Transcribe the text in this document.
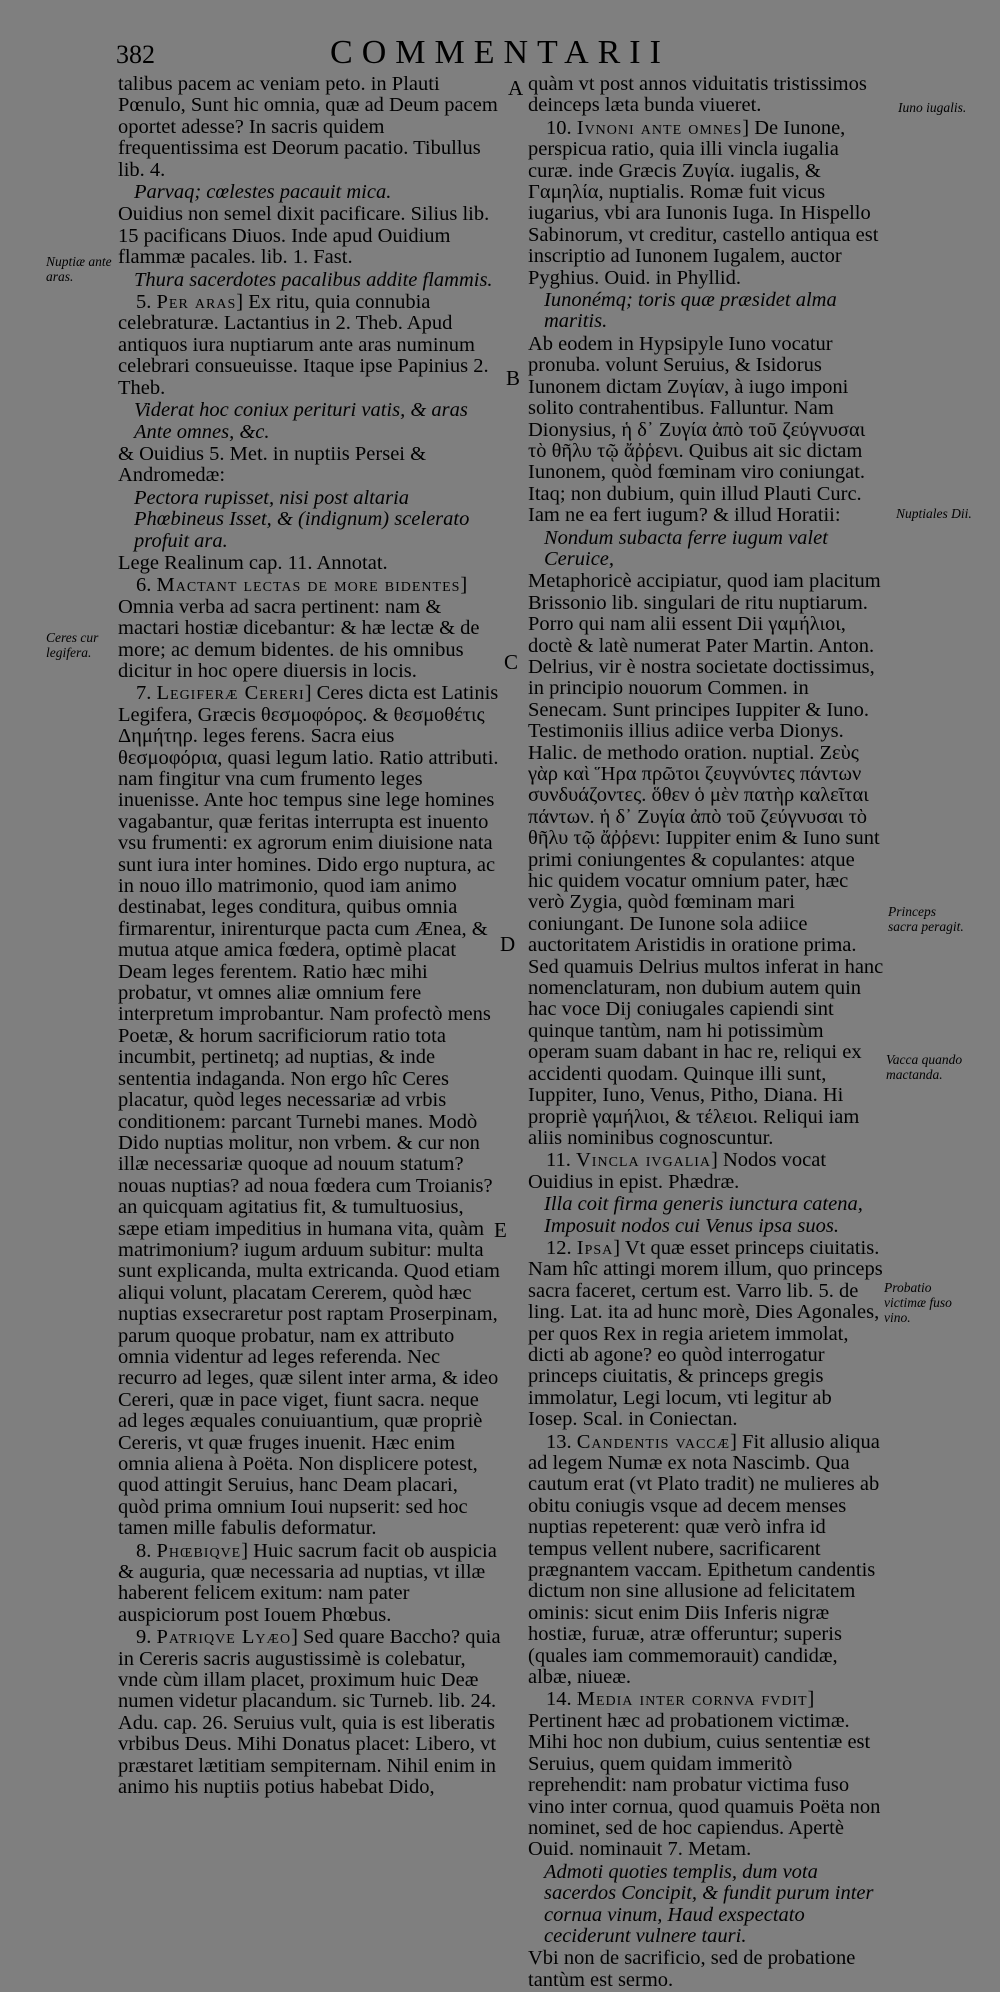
382	COMMENTARII

talibus pacem ac veniam peto. in Plauti Pœnulo, Sunt hic omnia, quæ ad Deum pacem oportet adesse? In sacris quidem frequentissima est Deorum pacatio. Tibullus lib. 4.

Parvaq; cœlestes pacauit mica.

Ouidius non semel dixit pacificare. Silius lib. 15 pacificans Diuos. Inde apud Ouidium flammæ pacales. lib. 1. Fast.

Thura sacerdotes pacalibus addite flammis.

5. Per aras] Ex ritu, quia connubia celebraturæ. Lactantius in 2. Theb. Apud antiquos iura nuptiarum ante aras numinum celebrari consueuisse. Itaque ipse Papinius 2. Theb.

Viderat hoc coniux perituri vatis, & aras Ante omnes, &c.

& Ouidius 5. Met. in nuptiis Persei & Andromedæ:

Pectora rupisset, nisi post altaria Phœbineus Isset, & (indignum) scelerato profuit ara.

Lege Realinum cap. 11. Annotat.

6. Mactant lectas de more bidentes] Omnia verba ad sacra pertinent: nam & mactari hostiæ dicebantur: & hæ lectæ & de more; ac demum bidentes. de his omnibus dicitur in hoc opere diuersis in locis.

7. Legiferæ Cereri] Ceres dicta est Latinis Legifera, Græcis θεσμοφόρος. & θεσμοθέτις Δημήτηρ. leges ferens. Sacra eius θεσμοφόρια, quasi legum latio. Ratio attributi. nam fingitur vna cum frumento leges inuenisse. Ante hoc tempus sine lege homines vagabantur, quæ feritas interrupta est inuento vsu frumenti: ex agrorum enim diuisione nata sunt iura inter homines. Dido ergo nuptura, ac in nouo illo matrimonio, quod iam animo destinabat, leges conditura, quibus omnia firmarentur, inirenturque pacta cum Ænea, & mutua atque amica fœdera, optimè placat Deam leges ferentem. Ratio hæc mihi probatur, vt omnes aliæ omnium fere interpretum improbantur. Nam profectò mens Poetæ, & horum sacrificiorum ratio tota incumbit, pertinetq; ad nuptias, & inde sententia indaganda. Non ergo hîc Ceres placatur, quòd leges necessariæ ad vrbis conditionem: parcant Turnebi manes. Modò Dido nuptias molitur, non vrbem. & cur non illæ necessariæ quoque ad nouum statum? nouas nuptias? ad noua fœdera cum Troianis? an quicquam agitatius fit, & tumultuosius, sæpe etiam impeditius in humana vita, quàm matrimonium? iugum arduum subitur: multa sunt explicanda, multa extricanda. Quod etiam aliqui volunt, placatam Cererem, quòd hæc nuptias exsecraretur post raptam Proserpinam, parum quoque probatur, nam ex attributo omnia videntur ad leges referenda. Nec recurro ad leges, quæ silent inter arma, & ideo Cereri, quæ in pace viget, fiunt sacra. neque ad leges æquales conuiuantium, quæ propriè Cereris, vt quæ fruges inuenit. Hæc enim omnia aliena à Poëta. Non displicere potest, quod attingit Seruius, hanc Deam placari, quòd prima omnium Ioui nupserit: sed hoc tamen mille fabulis deformatur.

8. Phœbiqve] Huic sacrum facit ob auspicia & auguria, quæ necessaria ad nuptias, vt illæ haberent felicem exitum: nam pater auspiciorum post Iouem Phœbus.

9. Patriqve Lyæo] Sed quare Baccho? quia in Cereris sacris augustissimè is colebatur, vnde cùm illam placet, proximum huic Deæ numen videtur placandum. sic Turneb. lib. 24. Adu. cap. 26. Seruius vult, quia is est liberatis vrbibus Deus. Mihi Donatus placet: Libero, vt præstaret lætitiam sempiternam. Nihil enim in animo his nuptiis potius habebat Dido,

quàm vt post annos viduitatis tristissimos deinceps læta bunda viueret.

10. Ivnoni ante omnes] De Iunone, perspicua ratio, quia illi vincla iugalia curæ. inde Græcis Ζυγία. iugalis, & Γαμηλία, nuptialis. Romæ fuit vicus iugarius, vbi ara Iunonis Iuga. In Hispello Sabinorum, vt creditur, castello antiqua est inscriptio ad Iunonem Iugalem, auctor Pyghius. Ouid. in Phyllid.

Iunonémq; toris quæ præsidet alma maritis.

Ab eodem in Hypsipyle Iuno vocatur pronuba. volunt Seruius, & Isidorus Iunonem dictam Ζυγίαν, à iugo imponi solito contrahentibus. Falluntur. Nam Dionysius, ἡ δ᾽ Ζυγία ἀπὸ τοῦ ζεύγνυσαι τὸ θῆλυ τῷ ἄῤῥενι. Quibus ait sic dictam Iunonem, quòd fœminam viro coniungat. Itaq; non dubium, quin illud Plauti Curc. Iam ne ea fert iugum? & illud Horatii:

Nondum subacta ferre iugum valet Ceruice,

Metaphoricè accipiatur, quod iam placitum Brissonio lib. singulari de ritu nuptiarum. Porro qui nam alii essent Dii γαμήλιοι, doctè & latè numerat Pater Martin. Anton. Delrius, vir è nostra societate doctissimus, in principio nouorum Commen. in Senecam. Sunt principes Iuppiter & Iuno. Testimoniis illius adiice verba Dionys. Halic. de methodo oration. nuptial. Ζεὺς γὰρ καὶ Ἥρα πρῶτοι ζευγνύντες πάντων συνδυάζοντες. ὅθεν ὁ μὲν πατὴρ καλεῖται πάντων. ἡ δ᾽ Ζυγία ἀπὸ τοῦ ζεύγνυσαι τὸ θῆλυ τῷ ἄῤῥενι: Iuppiter enim & Iuno sunt primi coniungentes & copulantes: atque hic quidem vocatur omnium pater, hæc verò Zygia, quòd fœminam mari coniungant. De Iunone sola adiice auctoritatem Aristidis in oratione prima. Sed quamuis Delrius multos inferat in hanc nomenclaturam, non dubium autem quin hac voce Dij coniugales capiendi sint quinque tantùm, nam hi potissimùm operam suam dabant in hac re, reliqui ex accidenti quodam. Quinque illi sunt, Iuppiter, Iuno, Venus, Pitho, Diana. Hi propriè γαμήλιοι, & τέλειοι. Reliqui iam aliis nominibus cognoscuntur.

11. Vincla ivgalia] Nodos vocat Ouidius in epist. Phædræ.

Illa coit firma generis iunctura catena, Imposuit nodos cui Venus ipsa suos.

12. Ipsa] Vt quæ esset princeps ciuitatis. Nam hîc attingi morem illum, quo princeps sacra faceret, certum est. Varro lib. 5. de ling. Lat. ita ad hunc morè, Dies Agonales, per quos Rex in regia arietem immolat, dicti ab agone? eo quòd interrogatur princeps ciuitatis, & princeps gregis immolatur, Legi locum, vti legitur ab Iosep. Scal. in Coniectan.

13. Candentis vaccæ] Fit allusio aliqua ad legem Numæ ex nota Nascimb. Qua cautum erat (vt Plato tradit) ne mulieres ab obitu coniugis vsque ad decem menses nuptias repeterent: quæ verò infra id tempus vellent nubere, sacrificarent prægnantem vaccam. Epithetum candentis dictum non sine allusione ad felicitatem ominis: sicut enim Diis Inferis nigræ hostiæ, furuæ, atræ offeruntur; superis (quales iam commemorauit) candidæ, albæ, niueæ.

14. Media inter cornva fvdit] Pertinent hæc ad probationem victimæ. Mihi hoc non dubium, cuius sententiæ est Seruius, quem quidam immeritò reprehendit: nam probatur victima fuso vino inter cornua, quod quamuis Poëta non nominet, sed de hoc capiendus. Apertè Ouid. nominauit 7. Metam.

Admoti quoties templis, dum vota sacerdos Concipit, & fundit purum inter cornua vinum, Haud exspectato ceciderunt vulnere tauri.

Vbi non de sacrificio, sed de probatione tantùm est sermo.

Nuptiæ ante aras.
Ceres cur legifera.
Iuno iugalis.
Nuptiales Dii.
Princeps sacra peragit.
Vacca quando mactanda.
Probatio victimæ fuso vino.
A
B
C
D
E
